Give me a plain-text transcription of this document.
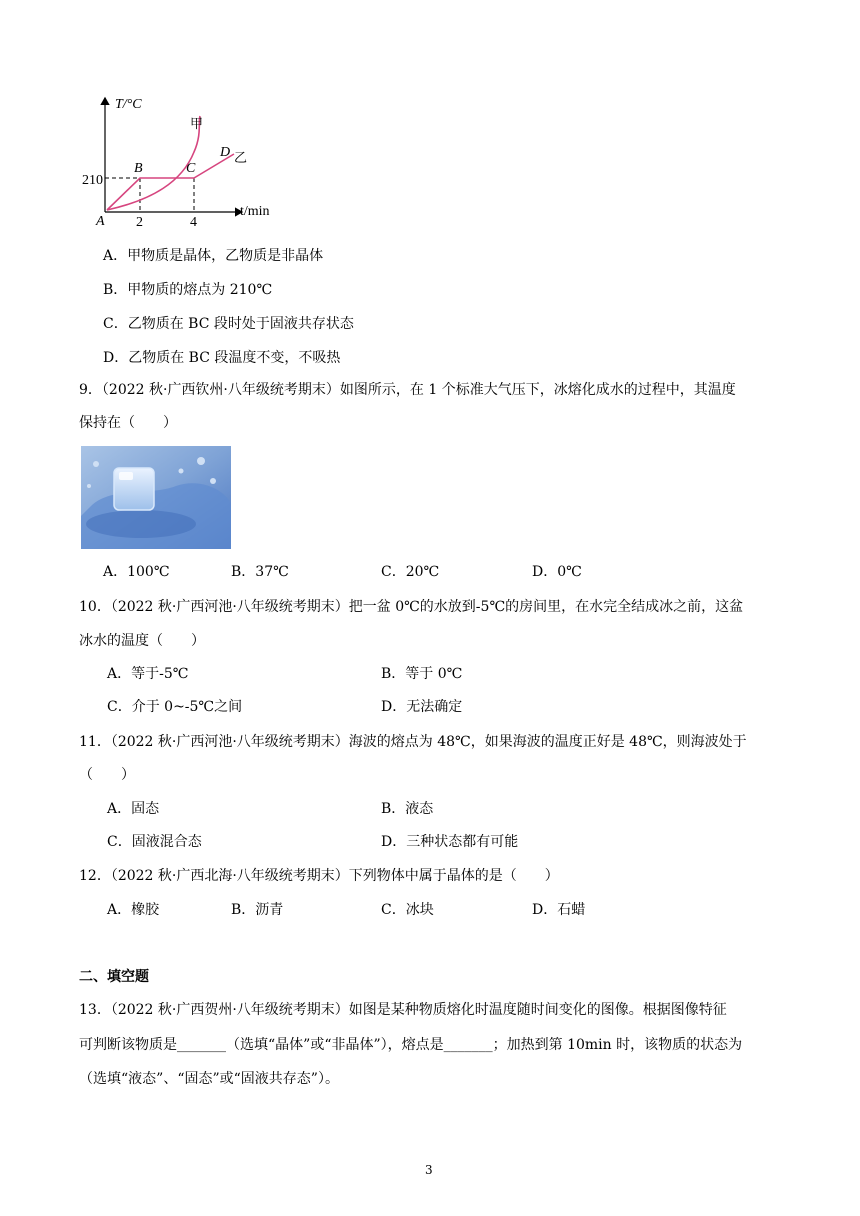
T/°C
t/min
210
2	4
A
B	C
D
甲
乙
A．甲物质是晶体，乙物质是非晶体
B．甲物质的熔点为 210℃
C．乙物质在 BC 段时处于固液共存状态
D．乙物质在 BC 段温度不变，不吸热
9．（2022 秋·广西钦州·八年级统考期末）如图所示，在 1 个标准大气压下，冰熔化成水的过程中，其温度
保持在（　　）
A．100℃	B．37℃	C．20℃	D．0℃
10．（2022 秋·广西河池·八年级统考期末）把一盆 0℃的水放到-5℃的房间里，在水完全结成冰之前，这盆
冰水的温度（　　）
A．等于-5℃	B．等于 0℃
C．介于 0~-5℃之间	D．无法确定
11．（2022 秋·广西河池·八年级统考期末）海波的熔点为 48℃，如果海波的温度正好是 48℃，则海波处于
（　　）
A．固态	B．液态
C．固液混合态	D．三种状态都有可能
12．（2022 秋·广西北海·八年级统考期末）下列物体中属于晶体的是（　　）
A．橡胶	B．沥青	C．冰块	D．石蜡
二、填空题
13．（2022 秋·广西贺州·八年级统考期末）如图是某种物质熔化时温度随时间变化的图像。根据图像特征
可判断该物质是_______（选填“晶体”或“非晶体”），熔点是_______；加热到第 10min 时，该物质的状态为
（选填“液态”、“固态”或“固液共存态”）。
3
